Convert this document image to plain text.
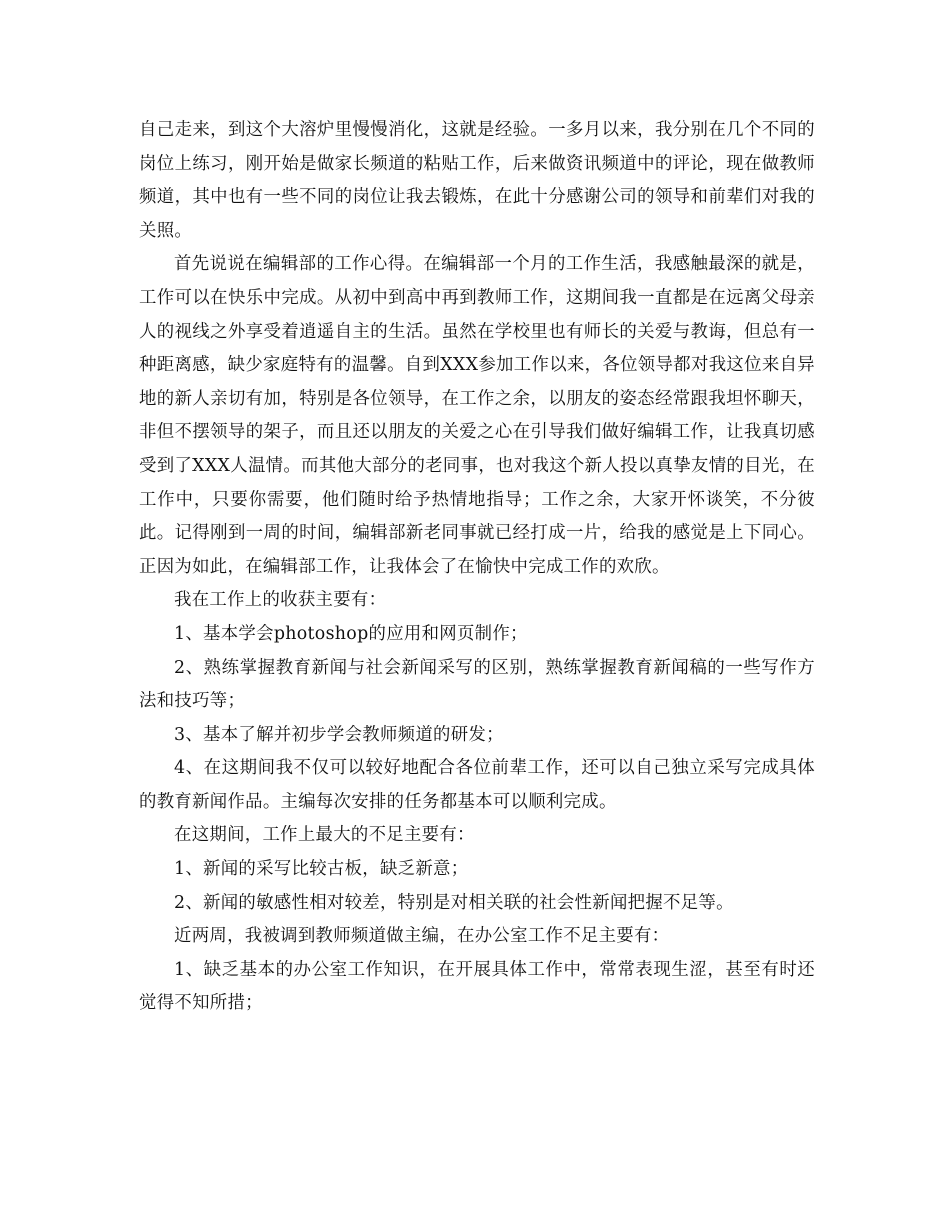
自己走来，到这个大溶炉里慢慢消化，这就是经验。一多月以来，我分别在几个不同的岗位上练习，刚开始是做家长频道的粘贴工作，后来做资讯频道中的评论，现在做教师频道，其中也有一些不同的岗位让我去锻炼，在此十分感谢公司的领导和前辈们对我的关照。

首先说说在编辑部的工作心得。在编辑部一个月的工作生活，我感触最深的就是，工作可以在快乐中完成。从初中到高中再到教师工作，这期间我一直都是在远离父母亲人的视线之外享受着逍遥自主的生活。虽然在学校里也有师长的关爱与教诲，但总有一种距离感，缺少家庭特有的温馨。自到XXX参加工作以来，各位领导都对我这位来自异地的新人亲切有加，特别是各位领导，在工作之余，以朋友的姿态经常跟我坦怀聊天，非但不摆领导的架子，而且还以朋友的关爱之心在引导我们做好编辑工作，让我真切感受到了XXX人温情。而其他大部分的老同事，也对我这个新人投以真挚友情的目光，在工作中，只要你需要，他们随时给予热情地指导；工作之余，大家开怀谈笑，不分彼此。记得刚到一周的时间，编辑部新老同事就已经打成一片，给我的感觉是上下同心。正因为如此，在编辑部工作，让我体会了在愉快中完成工作的欢欣。

我在工作上的收获主要有：

1、基本学会photoshop的应用和网页制作；

2、熟练掌握教育新闻与社会新闻采写的区别，熟练掌握教育新闻稿的一些写作方法和技巧等；

3、基本了解并初步学会教师频道的研发；

4、在这期间我不仅可以较好地配合各位前辈工作，还可以自己独立采写完成具体的教育新闻作品。主编每次安排的任务都基本可以顺利完成。

在这期间，工作上最大的不足主要有：

1、新闻的采写比较古板，缺乏新意；

2、新闻的敏感性相对较差，特别是对相关联的社会性新闻把握不足等。

近两周，我被调到教师频道做主编，在办公室工作不足主要有：

1、缺乏基本的办公室工作知识，在开展具体工作中，常常表现生涩，甚至有时还觉得不知所措；
